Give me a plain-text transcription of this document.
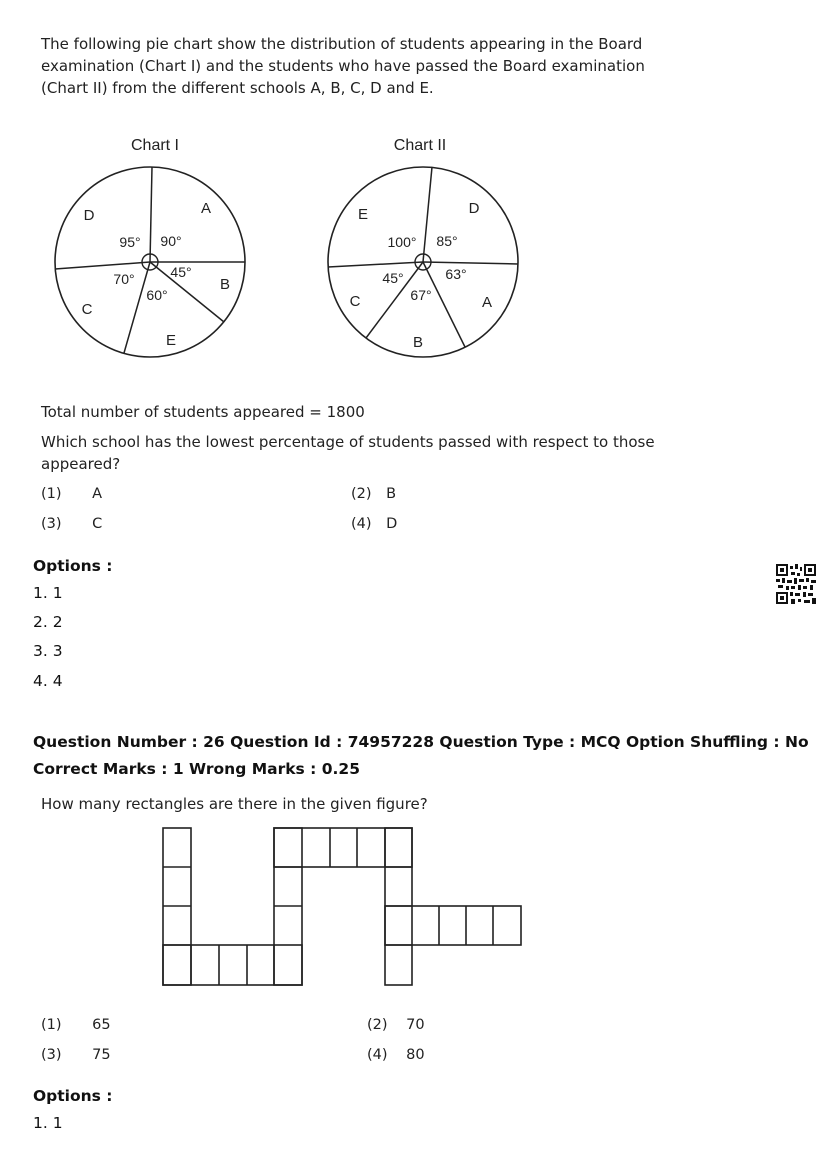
The following pie chart show the distribution of students appearing in the Board
examination (Chart I) and the students who have passed the Board examination
(Chart II) from the different schools A, B, C, D and E.
Chart I
D	A
B
C
E
95° 90°
70°	45°
60°
Chart II
E	D
A
C
B
100° 85°
45°	63°
67°
Total number of students appeared = 1800
Which school has the lowest percentage of students passed with respect to those
appeared?
(1) A	(2) B
(3) C	(4) D
Options :
1. 1
2. 2
3. 3
4. 4
Question Number : 26 Question Id : 74957228 Question Type : MCQ Option Shuffling : No
Correct Marks : 1 Wrong Marks : 0.25
How many rectangles are there in the given figure?
(1) 65	(2) 70
(3) 75	(4) 80
Options :
1. 1
